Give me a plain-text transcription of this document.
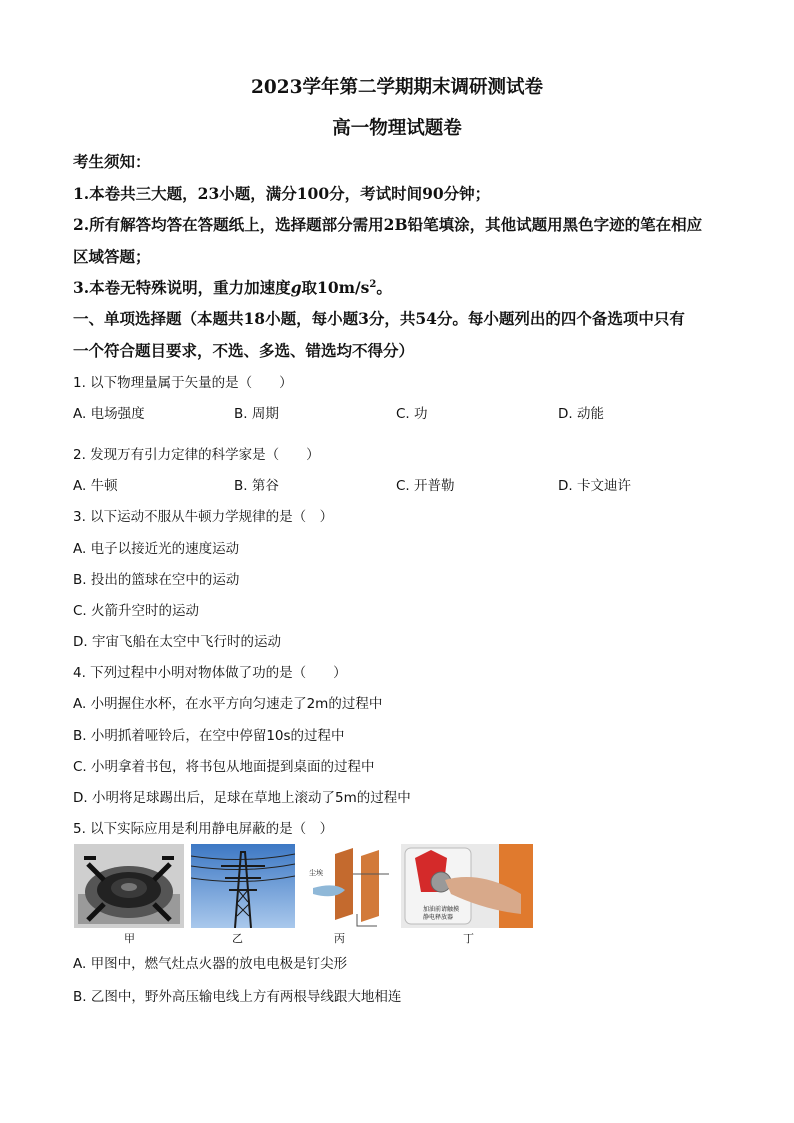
2023学年第二学期期末调研测试卷
高一物理试题卷
考生须知：
1.本卷共三大题，23小题，满分100分，考试时间90分钟；
2.所有解答均答在答题纸上，选择题部分需用2B铅笔填涂，其他试题用黑色字迹的笔在相应
区域答题；
3.本卷无特殊说明，重力加速度g取$10m/s^2$。
一、单项选择题（本题共18小题，每小题3分，共54分。每小题列出的四个备选项中只有
一个符合题目要求，不选、多选、错选均不得分）
1. 以下物理量属于矢量的是（　　）
A. 电场强度	B. 周期	C. 功	D. 动能
2. 发现万有引力定律的科学家是（　　）
A. 牛顿	B. 第谷	C. 开普勒	D. 卡文迪许
3. 以下运动不服从牛顿力学规律的是（　）
A. 电子以接近光的速度运动
B. 投出的篮球在空中的运动
C. 火箭升空时的运动
D. 宇宙飞船在太空中飞行时的运动
4. 下列过程中小明对物体做了功的是（　　）
A. 小明握住水杯，在水平方向匀速走了2m的过程中
B. 小明抓着哑铃后，在空中停留10s的过程中
C. 小明拿着书包，将书包从地面提到桌面的过程中
D. 小明将足球踢出后，足球在草地上滚动了5m的过程中
5. 以下实际应用是利用静电屏蔽的是（　）
甲	乙
尘埃
丙
加油前请触摸
静电释放器
丁
A. 甲图中，燃气灶点火器的放电电极是钉尖形
B. 乙图中，野外高压输电线上方有两根导线跟大地相连
